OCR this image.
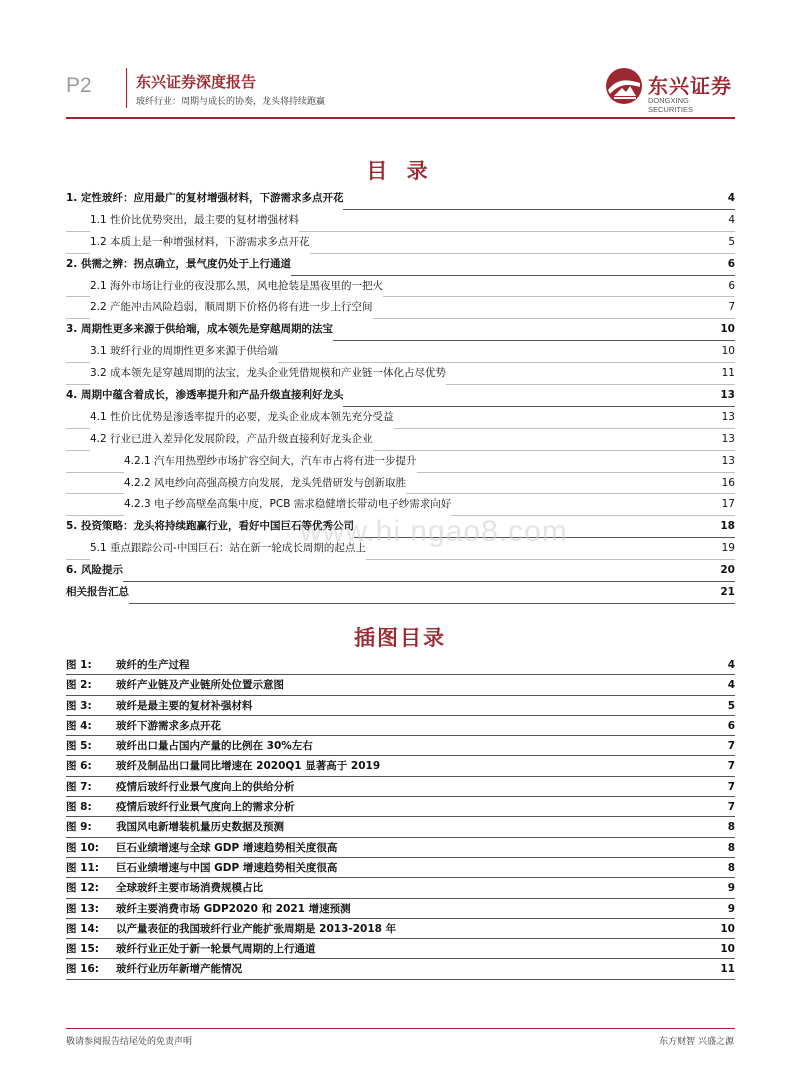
P2	东兴证券深度报告
玻纤行业：周期与成长的协奏，龙头将持续跑赢
东兴证券
DONGXING SECURITIES
目 录
1. 定性玻纤：应用最广的复材增强材料，下游需求多点开花	4
1.1 性价比优势突出，最主要的复材增强材料	4
1.2 本质上是一种增强材料，下游需求多点开花	5
2. 供需之辨：拐点确立，景气度仍处于上行通道	6
2.1 海外市场让行业的夜没那么黑，风电抢装是黑夜里的一把火	6
2.2 产能冲击风险趋弱，顺周期下价格仍将有进一步上行空间	7
3. 周期性更多来源于供给端，成本领先是穿越周期的法宝	10
3.1 玻纤行业的周期性更多来源于供给端	10
3.2 成本领先是穿越周期的法宝，龙头企业凭借规模和产业链一体化占尽优势	11
4. 周期中蕴含着成长，渗透率提升和产品升级直接利好龙头	13
4.1 性价比优势是渗透率提升的必要，龙头企业成本领先充分受益	13
4.2 行业已进入差异化发展阶段，产品升级直接利好龙头企业	13
4.2.1 汽车用热塑纱市场扩容空间大，汽车市占将有进一步提升	13
4.2.2 风电纱向高强高模方向发展，龙头凭借研发与创新取胜	16
4.2.3 电子纱高壁垒高集中度，PCB 需求稳健增长带动电子纱需求向好	17
5. 投资策略：龙头将持续跑赢行业，看好中国巨石等优秀公司	18
5.1 重点跟踪公司-中国巨石：站在新一轮成长周期的起点上	19
6. 风险提示	20
相关报告汇总	21
插图目录
图 1: 玻纤的生产过程	4
图 2: 玻纤产业链及产业链所处位置示意图	4
图 3: 玻纤是最主要的复材补强材料	5
图 4: 玻纤下游需求多点开花	6
图 5: 玻纤出口量占国内产量的比例在 30%左右	7
图 6: 玻纤及制品出口量同比增速在 2020Q1 显著高于 2019	7
图 7: 疫情后玻纤行业景气度向上的供给分析	7
图 8: 疫情后玻纤行业景气度向上的需求分析	7
图 9: 我国风电新增装机量历史数据及预测	8
图 10: 巨石业绩增速与全球 GDP 增速趋势相关度很高	8
图 11: 巨石业绩增速与中国 GDP 增速趋势相关度很高	8
图 12: 全球玻纤主要市场消费规模占比	9
图 13: 玻纤主要消费市场 GDP2020 和 2021 增速预测	9
图 14: 以产量表征的我国玻纤行业产能扩张周期是 2013-2018 年	10
图 15: 玻纤行业正处于新一轮景气周期的上行通道	10
图 16: 玻纤行业历年新增产能情况	11
www.hi ngao8.com
敬请参阅报告结尾处的免责声明	东方财智 兴盛之源
